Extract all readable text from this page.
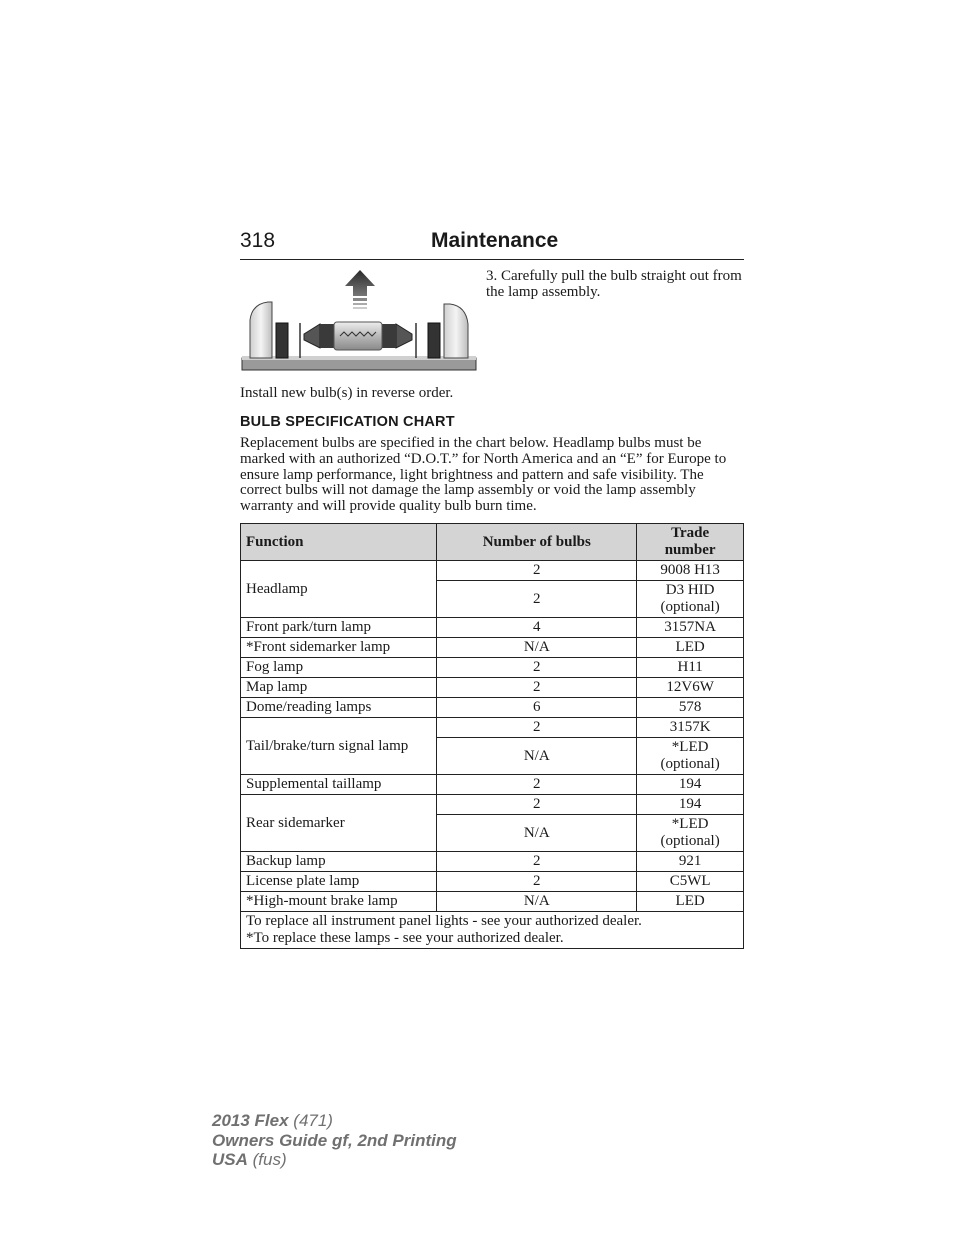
318	Maintenance
3. Carefully pull the bulb straight out from the lamp assembly.
Install new bulb(s) in reverse order.
BULB SPECIFICATION CHART
Replacement bulbs are specified in the chart below. Headlamp bulbs must be marked with an authorized “D.O.T.” for North America and an “E” for Europe to ensure lamp performance, light brightness and pattern and safe visibility. The correct bulbs will not damage the lamp assembly or void the lamp assembly warranty and will provide quality bulb burn time.
Function	Number of bulbs	Trade
number
Headlamp	2	9008 H13
	2	D3 HID
(optional)
Front park/turn lamp	4	3157NA
*Front sidemarker lamp	N/A	LED
Fog lamp	2	H11
Map lamp	2	12V6W
Dome/reading lamps	6	578
Tail/brake/turn signal lamp	2	3157K
	N/A	*LED
(optional)
Supplemental taillamp	2	194
Rear sidemarker	2	194
	N/A	*LED
(optional)
Backup lamp	2	921
License plate lamp	2	C5WL
*High-mount brake lamp	N/A	LED
To replace all instrument panel lights - see your authorized dealer.
*To replace these lamps - see your authorized dealer.		
2013 Flex (471)
Owners Guide gf, 2nd Printing
USA (fus)
